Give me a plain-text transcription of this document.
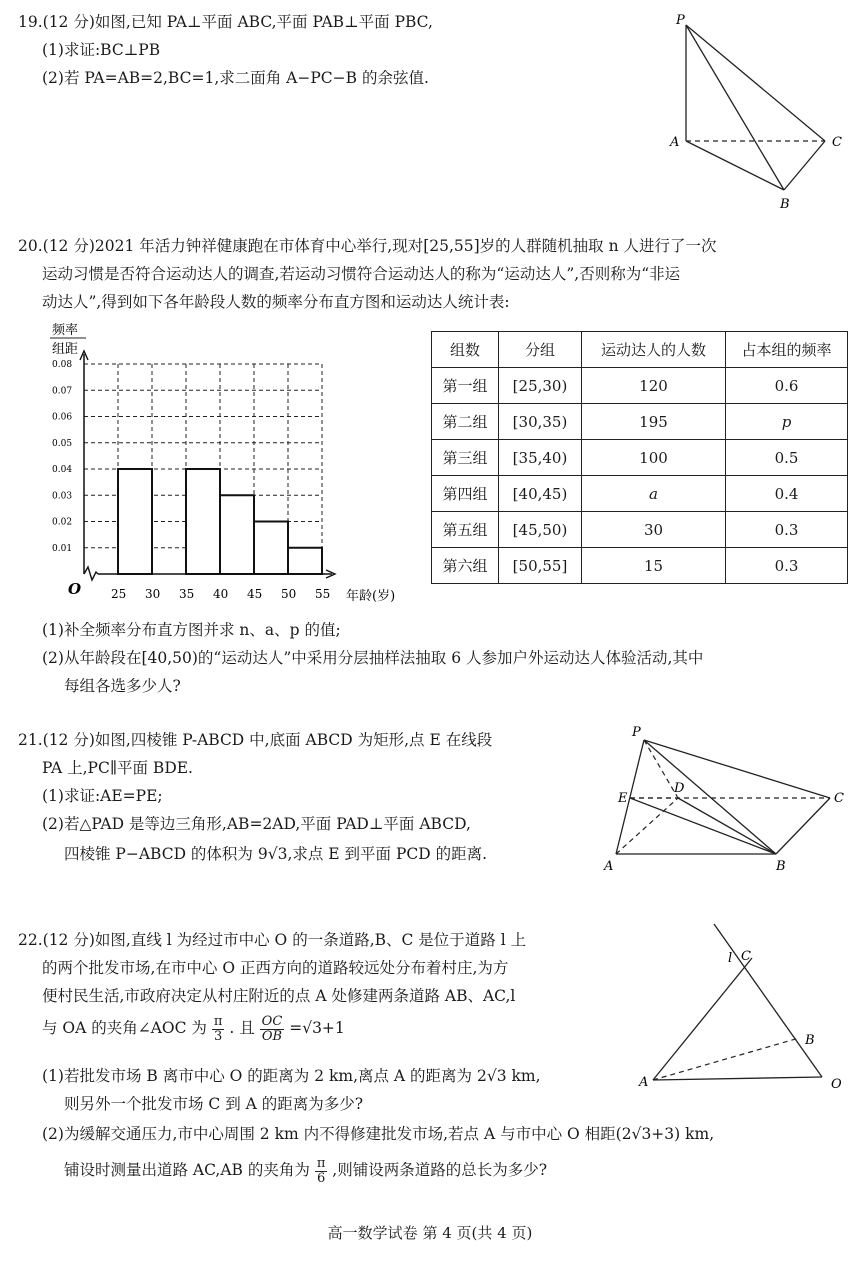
19.(12 分)如图,已知 PA⊥平面 ABC,平面 PAB⊥平面 PBC,
(1)求证:BC⊥PB
(2)若 PA=AB=2,BC=1,求二面角 A−PC−B 的余弦值.
P
A
B
C
20.(12 分)2021 年活力钟祥健康跑在市体育中心举行,现对[25,55]岁的人群随机抽取 n 人进行了一次
运动习惯是否符合运动达人的调查,若运动习惯符合运动达人的称为“运动达人”,否则称为“非运
动达人”,得到如下各年龄段人数的频率分布直方图和运动达人统计表:
0.01
0.02
0.03
0.04
0.05
0.06
0.07
0.08
25 30 35 40 45 50 55
频率
组距
O	年龄(岁)
组数	分组	运动达人的人数	占本组的频率
第一组	[25,30)	120	0.6
第二组	[30,35)	195	p
第三组	[35,40)	100	0.5
第四组	[40,45)	a	0.4
第五组	[45,50)	30	0.3
第六组	[50,55]	15	0.3
(1)补全频率分布直方图并求 n、a、p 的值;
(2)从年龄段在[40,50)的“运动达人”中采用分层抽样法抽取 6 人参加户外运动达人体验活动,其中
每组各选多少人?
21.(12 分)如图,四棱锥 P-ABCD 中,底面 ABCD 为矩形,点 E 在线段
PA 上,PC∥平面 BDE.
(1)求证:AE=PE;
(2)若△PAD 是等边三角形,AB=2AD,平面 PAD⊥平面 ABCD,
四棱锥 P−ABCD 的体积为 9√3,求点 E 到平面 PCD 的距离.
P
E
D
C
A	B
22.(12 分)如图,直线 l 为经过市中心 O 的一条道路,B、C 是位于道路 l 上
的两个批发市场,在市中心 O 正西方向的道路较远处分布着村庄,为方
便村民生活,市政府决定从村庄附近的点 A 处修建两条道路 AB、AC,l
与 OA 的夹角∠AOC 为 $\frac{\pi}{3}$ . 且 $\frac{OC}{OB} =√3+1$
(1)若批发市场 B 离市中心 O 的距离为 2 km,离点 A 的距离为 2√3 km,
则另外一个批发市场 C 到 A 的距离为多少?
(2)为缓解交通压力,市中心周围 2 km 内不得修建批发市场,若点 A 与市中心 O 相距(2√3+3) km,
铺设时测量出道路 AC,AB 的夹角为 $\frac{\pi}{6}$ ,则铺设两条道路的总长为多少?
l C
B
A	O
高一数学试卷 第 4 页(共 4 页)
